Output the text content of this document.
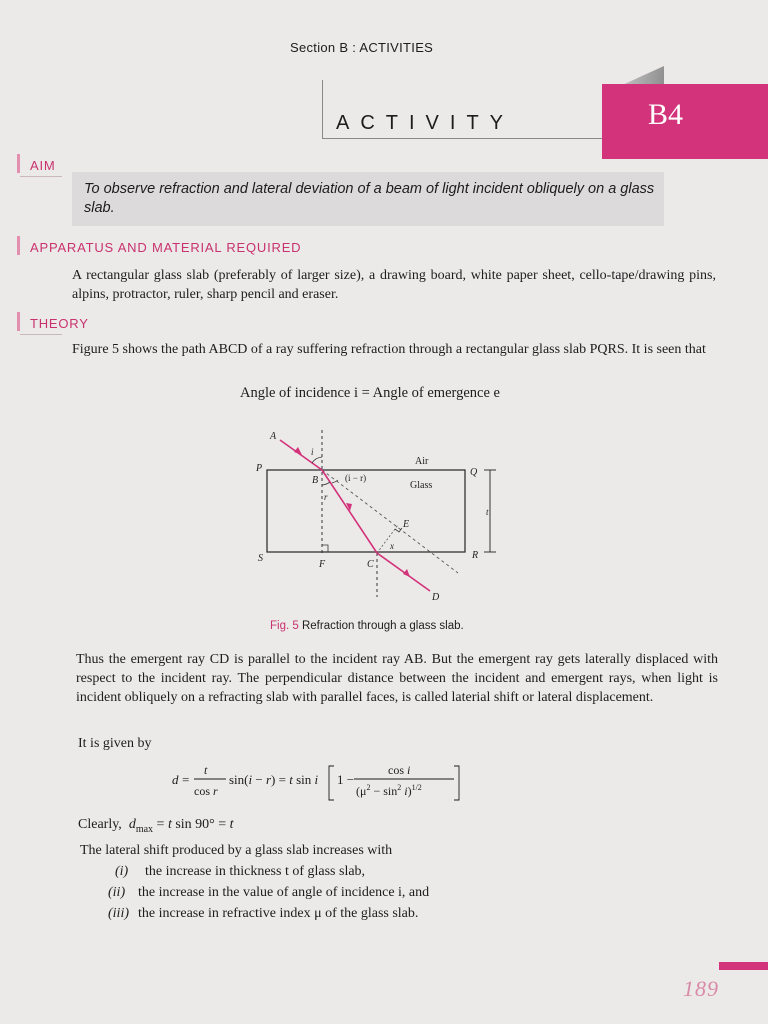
Section B : ACTIVITIES
ACTIVITY	B4
AIM
To observe refraction and lateral deviation of a beam of light incident obliquely on a glass slab.
APPARATUS AND MATERIAL REQUIRED
A rectangular glass slab (preferably of larger size), a drawing board, white paper sheet, cello-tape/drawing pins, alpins, protractor, ruler, sharp pencil and eraser.
THEORY
Figure 5 shows the path ABCD of a ray suffering refraction through a rectangular glass slab PQRS. It is seen that
Angle of incidence i = Angle of emergence e
A
P	Q
S	R
B
C
D
E
F
i
r
x
t
(i − r)
Air
Glass
Fig. 5 Refraction through a glass slab.
Thus the emergent ray CD is parallel to the incident ray AB. But the emergent ray gets laterally displaced with respect to the incident ray. The perpendicular distance between the incident and emergent rays, when light is incident obliquely on a refracting slab with parallel faces, is called laterial shift or lateral displacement.
It is given by
d =
t
cos r
sin(i − r) = t sin i 1 −
cos i
$(\mu^2 - \sin^2 i)^{1/2}$
Clearly, $d_{max} = t$ sin 90° = t
The lateral shift produced by a glass slab increases with
(i) the increase in thickness t of glass slab,
(ii) the increase in the value of angle of incidence i, and
(iii) the increase in refractive index μ of the glass slab.
189
